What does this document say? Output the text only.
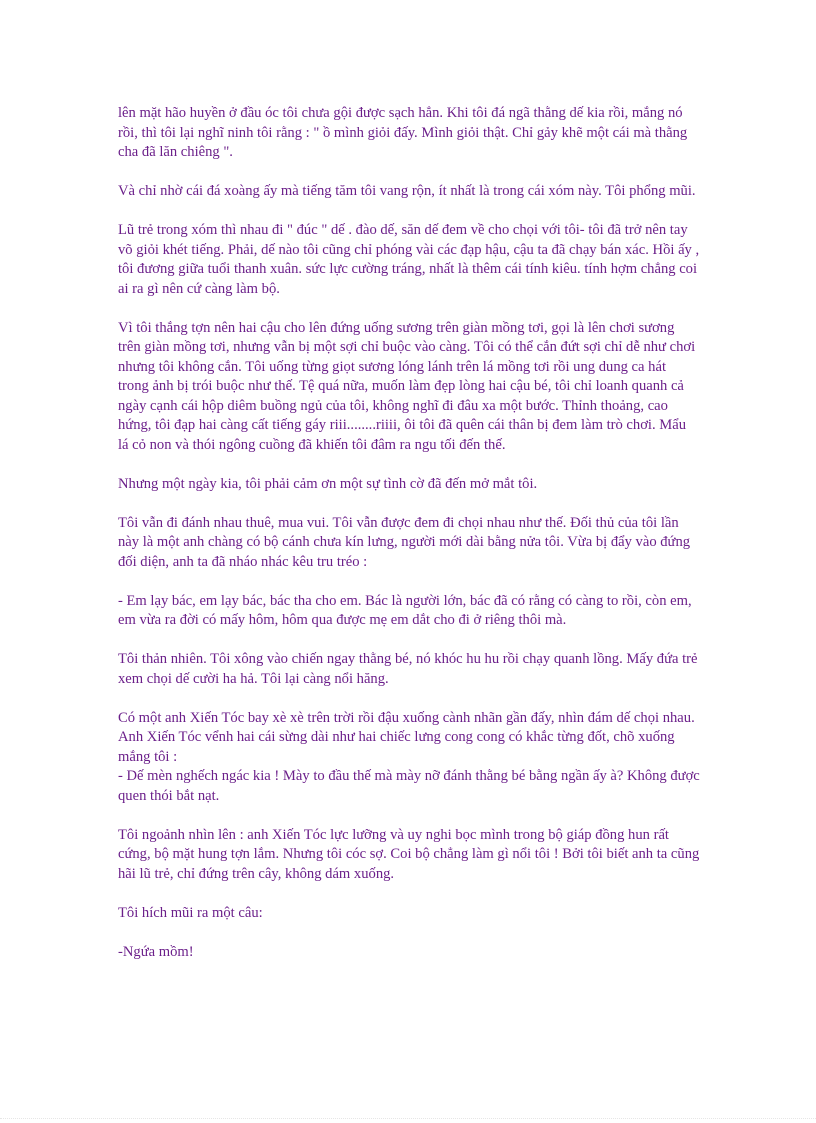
lên mặt hão huyền ở đầu óc tôi chưa gội được sạch hẳn. Khi tôi đá ngã thằng dế kia rồi, mắng nó rồi, thì tôi lại nghĩ ninh tôi rằng : " ồ mình giỏi đấy. Mình giỏi thật. Chỉ gảy khẽ một cái mà thằng cha đã lăn chiêng ".

Và chỉ nhờ cái đá xoàng ấy mà tiếng tăm tôi vang rộn, ít nhất là trong cái xóm này. Tôi phổng mũi.

Lũ trẻ trong xóm thì nhau đi " đúc " dế . đào dế, săn dế đem về cho chọi với tôi- tôi đã trở nên tay võ giỏi khét tiếng. Phải, dế nào tôi cũng chỉ phóng vài các đạp hậu, cậu ta đã chạy bán xác. Hồi ấy , tôi đương giữa tuổi thanh xuân. sức lực cường tráng, nhất là thêm cái tính kiêu. tính hợm chẳng coi ai ra gì nên cứ càng làm bộ.

Vì tôi thắng tợn nên hai cậu cho lên đứng uống sương trên giàn mồng tơi, gọi là lên chơi sương trên giàn mồng tơi, nhưng vẫn bị một sợi chỉ buộc vào càng. Tôi có thể cắn đứt sợi chỉ dễ như chơi nhưng tôi không cắn. Tôi uống từng giọt sương lóng lánh trên lá mồng tơi rồi ung dung ca hát trong ảnh bị trói buộc như thế. Tệ quá nữa, muốn làm đẹp lòng hai cậu bé, tôi chỉ loanh quanh cả ngày cạnh cái hộp diêm buồng ngủ của tôi, không nghĩ đi đâu xa một bước. Thỉnh thoảng, cao hứng, tôi đạp hai càng cất tiếng gáy riii........riiii, ôi tôi đã quên cái thân bị đem làm trò chơi. Mẩu lá cỏ non và thói ngông cuồng đã khiến tôi đâm ra ngu tối đến thế.

Nhưng một ngày kia, tôi phải cảm ơn một sự tình cờ đã đến mở mắt tôi.

Tôi vẫn đi đánh nhau thuê, mua vui. Tôi vẫn được đem đi chọi nhau như thế. Đối thủ của tôi lần này là một anh chàng có bộ cánh chưa kín lưng, người mới dài bằng nửa tôi. Vừa bị đẩy vào đứng đối diện, anh ta đã nháo nhác kêu tru tréo :

- Em lạy bác, em lạy bác, bác tha cho em. Bác là người lớn, bác đã có rằng có càng to rồi, còn em, em vừa ra đời có mấy hôm, hôm qua được mẹ em dắt cho đi ở riêng thôi mà.

Tôi thản nhiên. Tôi xông vào chiến ngay thằng bé, nó khóc hu hu rồi chạy quanh lồng. Mấy đứa trẻ xem chọi dế cười ha hả. Tôi lại càng nổi hăng.

Có một anh Xiến Tóc bay xè xè trên trời rồi đậu xuống cành nhãn gần đấy, nhìn đám dế chọi nhau. Anh Xiến Tóc vểnh hai cái sừng dài như hai chiếc lưng cong cong có khắc từng đốt, chõ xuống mắng tôi :
- Dế mèn nghếch ngác kia ! Mày to đầu thế mà mày nỡ đánh thằng bé bằng ngần ấy à? Không được quen thói bắt nạt.

Tôi ngoảnh nhìn lên : anh Xiến Tóc lực lưỡng và uy nghi bọc mình trong bộ giáp đồng hun rất cứng, bộ mặt hung tợn lắm. Nhưng tôi cóc sợ. Coi bộ chẳng làm gì nổi tôi ! Bởi tôi biết anh ta cũng hãi lũ trẻ, chỉ đứng trên cây, không dám xuống.

Tôi hích mũi ra một câu:

-Ngứa mồm!
